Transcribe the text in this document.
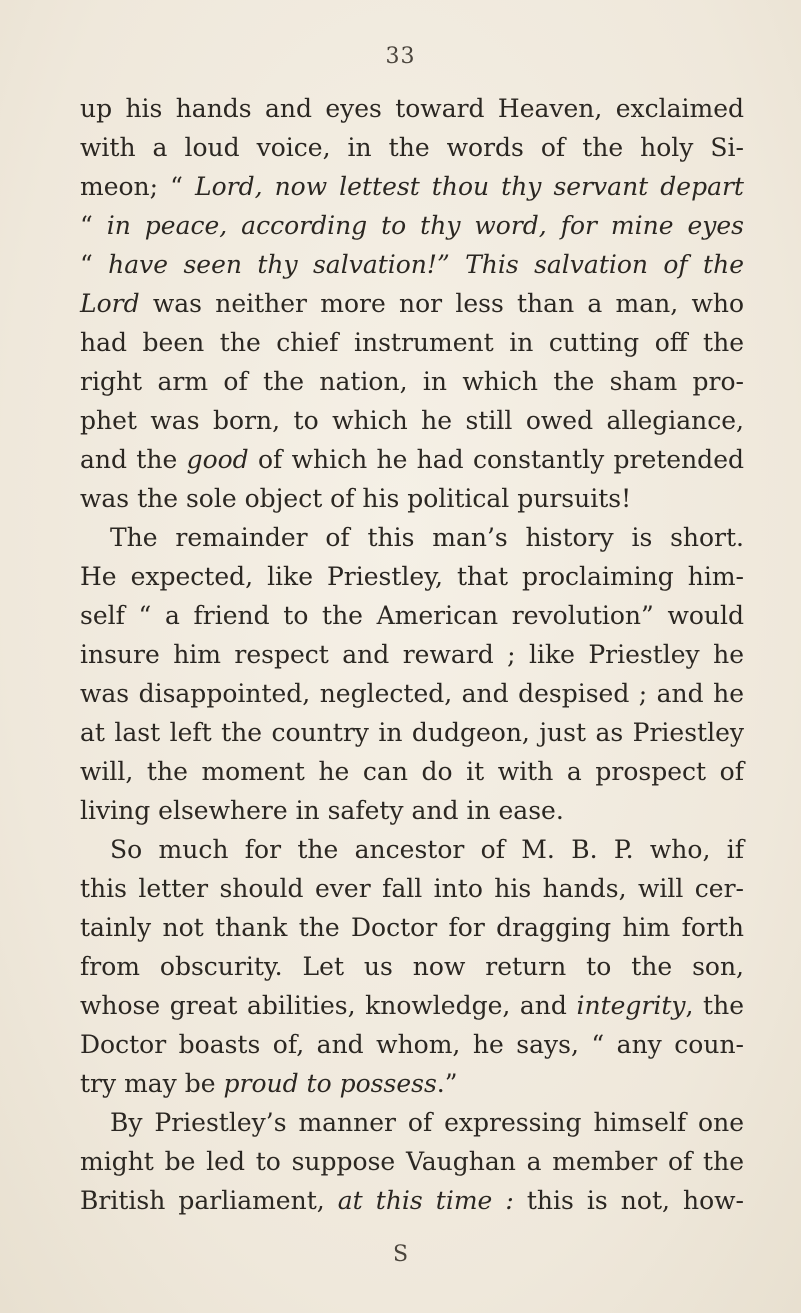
33
up his hands and eyes toward Heaven, exclaimed
with a loud voice, in the words of the holy Si-
meon; “ Lord, now lettest thou thy servant depart
“ in peace, according to thy word, for mine eyes
“ have seen thy salvation!” This salvation of the
Lord was neither more nor less than a man, who
had been the chief instrument in cutting off the
right arm of the nation, in which the sham pro-
phet was born, to which he still owed allegiance,
and the good of which he had constantly pretended
was the sole object of his political pursuits!
The remainder of this man’s history is short.
He expected, like Priestley, that proclaiming him-
self “ a friend to the American revolution” would
insure him respect and reward ; like Priestley he
was disappointed, neglected, and despised ; and he
at last left the country in dudgeon, just as Priestley
will, the moment he can do it with a prospect of
living elsewhere in safety and in ease.
So much for the ancestor of M. B. P. who, if
this letter should ever fall into his hands, will cer-
tainly not thank the Doctor for dragging him forth
from obscurity. Let us now return to the son,
whose great abilities, knowledge, and integrity, the
Doctor boasts of, and whom, he says, “ any coun-
try may be proud to possess.”
By Priestley’s manner of expressing himself one
might be led to suppose Vaughan a member of the
British parliament, at this time : this is not, how-
S
